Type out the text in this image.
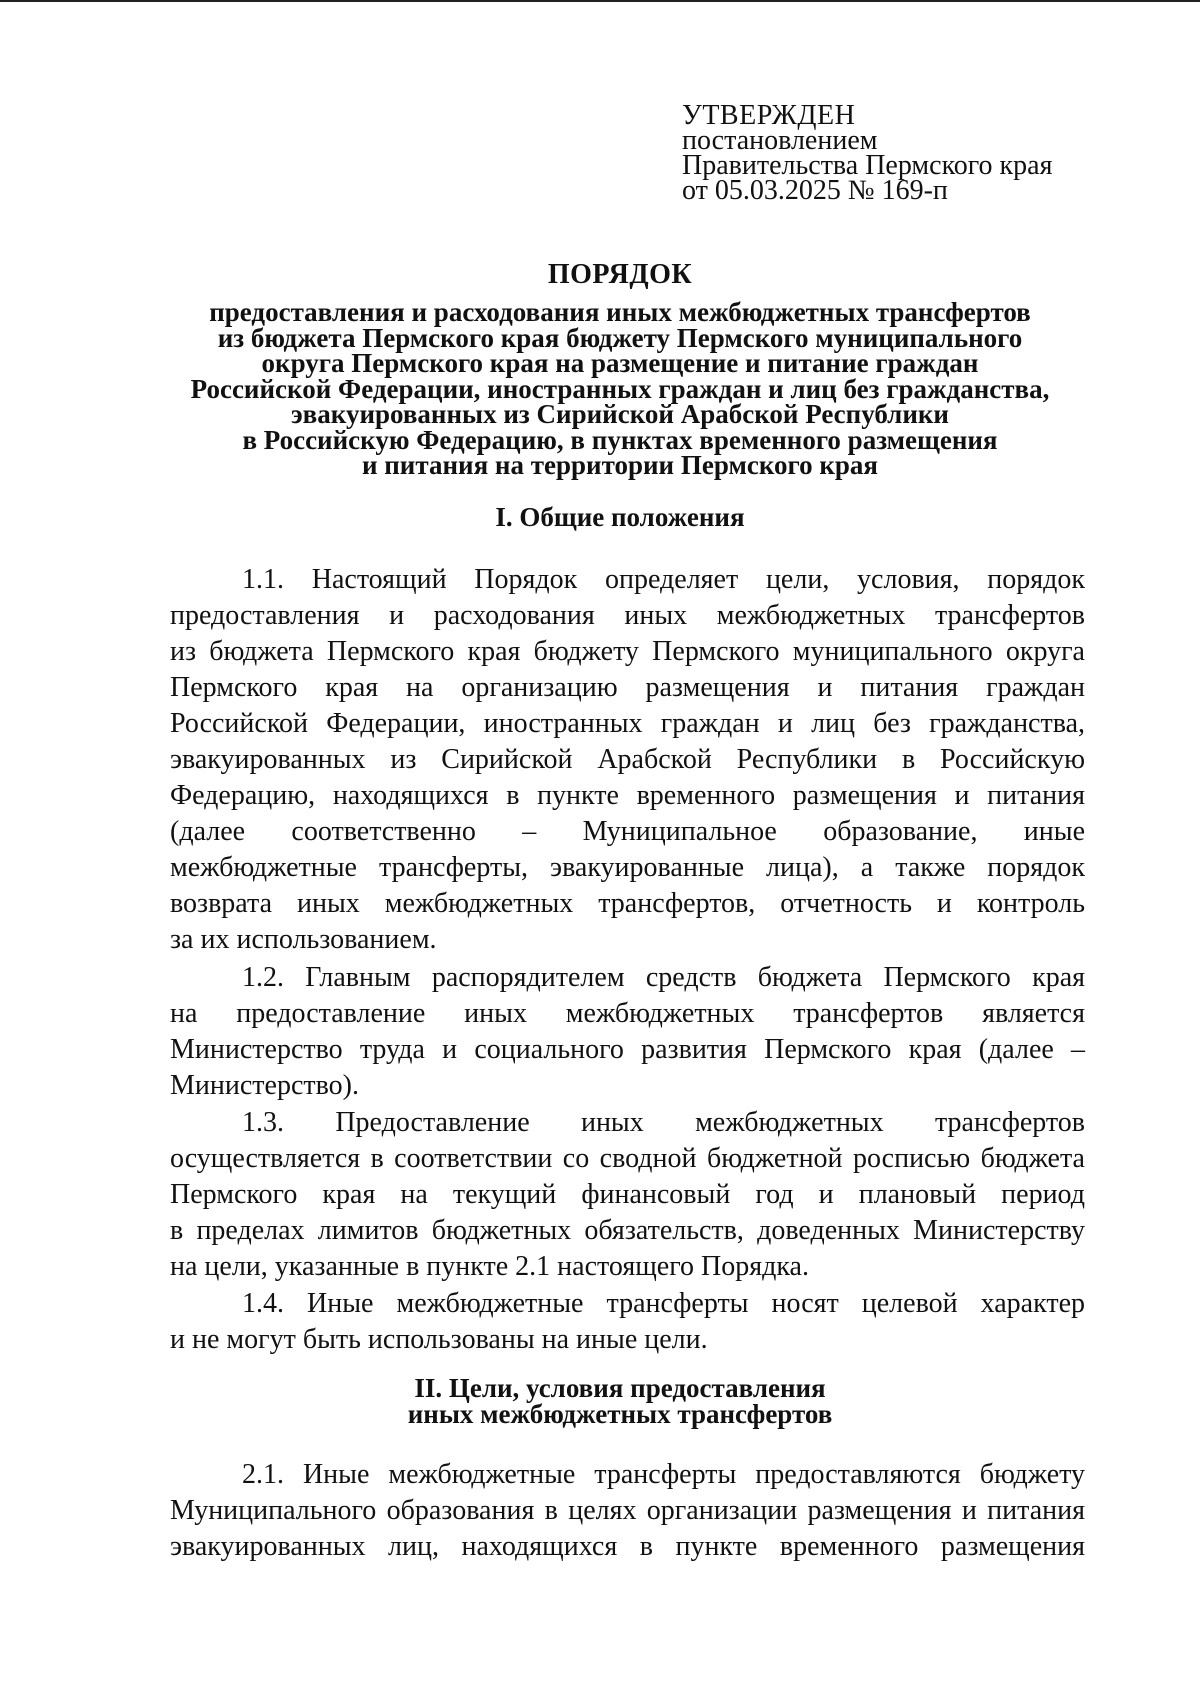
УТВЕРЖДЕН
постановлением
Правительства Пермского края
от 05.03.2025 № 169-п
ПОРЯДОК
предоставления и расходования иных межбюджетных трансфертов
из бюджета Пермского края бюджету Пермского муниципального
округа Пермского края на размещение и питание граждан
Российской Федерации, иностранных граждан и лиц без гражданства,
эвакуированных из Сирийской Арабской Республики
в Российскую Федерацию, в пунктах временного размещения
и питания на территории Пермского края
I. Общие положения
1.1. Настоящий Порядок определяет цели, условия, порядок
предоставления и расходования иных межбюджетных трансфертов
из бюджета Пермского края бюджету Пермского муниципального округа
Пермского края на организацию размещения и питания граждан
Российской Федерации, иностранных граждан и лиц без гражданства,
эвакуированных из Сирийской Арабской Республики в Российскую
Федерацию, находящихся в пункте временного размещения и питания
(далее соответственно – Муниципальное образование, иные
межбюджетные трансферты, эвакуированные лица), а также порядок
возврата иных межбюджетных трансфертов, отчетность и контроль
за их использованием.
1.2. Главным распорядителем средств бюджета Пермского края
на предоставление иных межбюджетных трансфертов является
Министерство труда и социального развития Пермского края (далее –
Министерство).
1.3. Предоставление иных межбюджетных трансфертов
осуществляется в соответствии со сводной бюджетной росписью бюджета
Пермского края на текущий финансовый год и плановый период
в пределах лимитов бюджетных обязательств, доведенных Министерству
на цели, указанные в пункте 2.1 настоящего Порядка.
1.4. Иные межбюджетные трансферты носят целевой характер
и не могут быть использованы на иные цели.
II. Цели, условия предоставления
иных межбюджетных трансфертов
2.1. Иные межбюджетные трансферты предоставляются бюджету
Муниципального образования в целях организации размещения и питания
эвакуированных лиц, находящихся в пункте временного размещения
